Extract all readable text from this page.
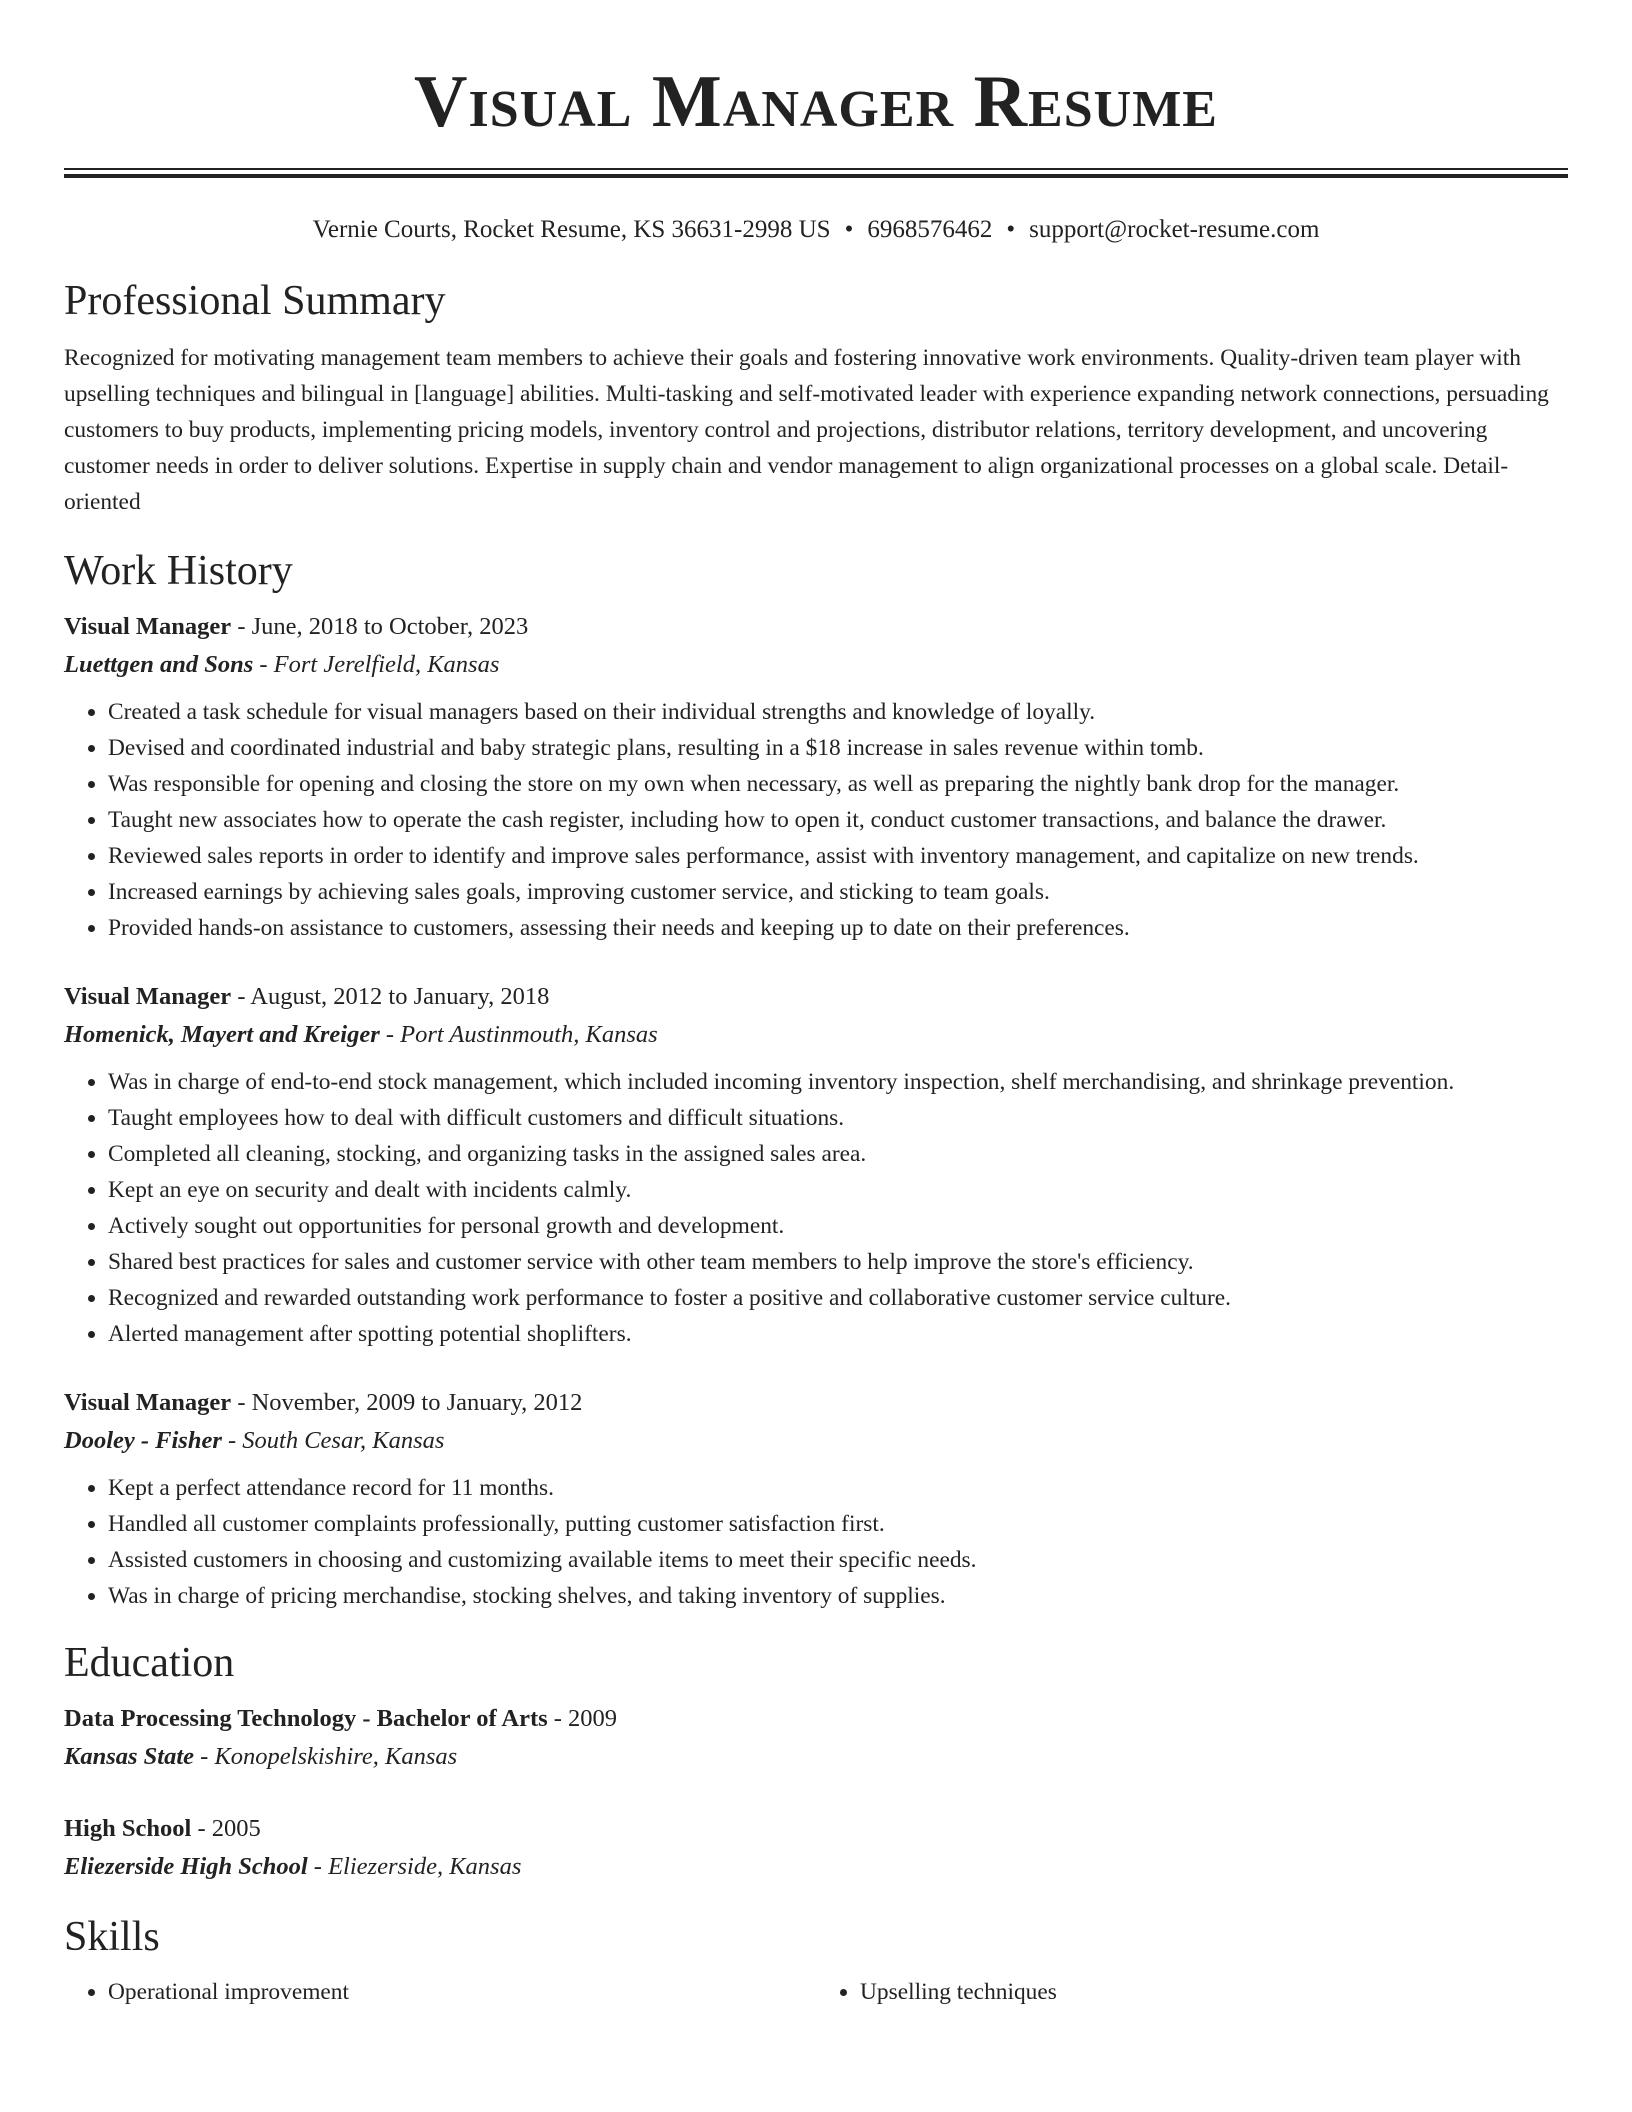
Visual Manager Resume
Vernie Courts, Rocket Resume, KS 36631-2998 US • 6968576462 • support@rocket-resume.com
Professional Summary

Recognized for motivating management team members to achieve their goals and fostering innovative work environments. Quality-driven team player with upselling techniques and bilingual in [language] abilities. Multi-tasking and self-motivated leader with experience expanding network connections, persuading customers to buy products, implementing pricing models, inventory control and projections, distributor relations, territory development, and uncovering customer needs in order to deliver solutions. Expertise in supply chain and vendor management to align organizational processes on a global scale. Detail-oriented

Work History
Visual Manager - June, 2018 to October, 2023
Luettgen and Sons - Fort Jerelfield, Kansas
• Created a task schedule for visual managers based on their individual strengths and knowledge of loyally.
• Devised and coordinated industrial and baby strategic plans, resulting in a $18 increase in sales revenue within tomb.
• Was responsible for opening and closing the store on my own when necessary, as well as preparing the nightly bank drop for the manager.
• Taught new associates how to operate the cash register, including how to open it, conduct customer transactions, and balance the drawer.
• Reviewed sales reports in order to identify and improve sales performance, assist with inventory management, and capitalize on new trends.
• Increased earnings by achieving sales goals, improving customer service, and sticking to team goals.
• Provided hands-on assistance to customers, assessing their needs and keeping up to date on their preferences.
Visual Manager - August, 2012 to January, 2018
Homenick, Mayert and Kreiger - Port Austinmouth, Kansas
• Was in charge of end-to-end stock management, which included incoming inventory inspection, shelf merchandising, and shrinkage prevention.
• Taught employees how to deal with difficult customers and difficult situations.
• Completed all cleaning, stocking, and organizing tasks in the assigned sales area.
• Kept an eye on security and dealt with incidents calmly.
• Actively sought out opportunities for personal growth and development.
• Shared best practices for sales and customer service with other team members to help improve the store's efficiency.
• Recognized and rewarded outstanding work performance to foster a positive and collaborative customer service culture.
• Alerted management after spotting potential shoplifters.
Visual Manager - November, 2009 to January, 2012
Dooley - Fisher - South Cesar, Kansas
• Kept a perfect attendance record for 11 months.
• Handled all customer complaints professionally, putting customer satisfaction first.
• Assisted customers in choosing and customizing available items to meet their specific needs.
• Was in charge of pricing merchandise, stocking shelves, and taking inventory of supplies.
Education
Data Processing Technology - Bachelor of Arts - 2009
Kansas State - Konopelskishire, Kansas
High School - 2005
Eliezerside High School - Eliezerside, Kansas
Skills
• Operational improvement
•	Upselling techniques
